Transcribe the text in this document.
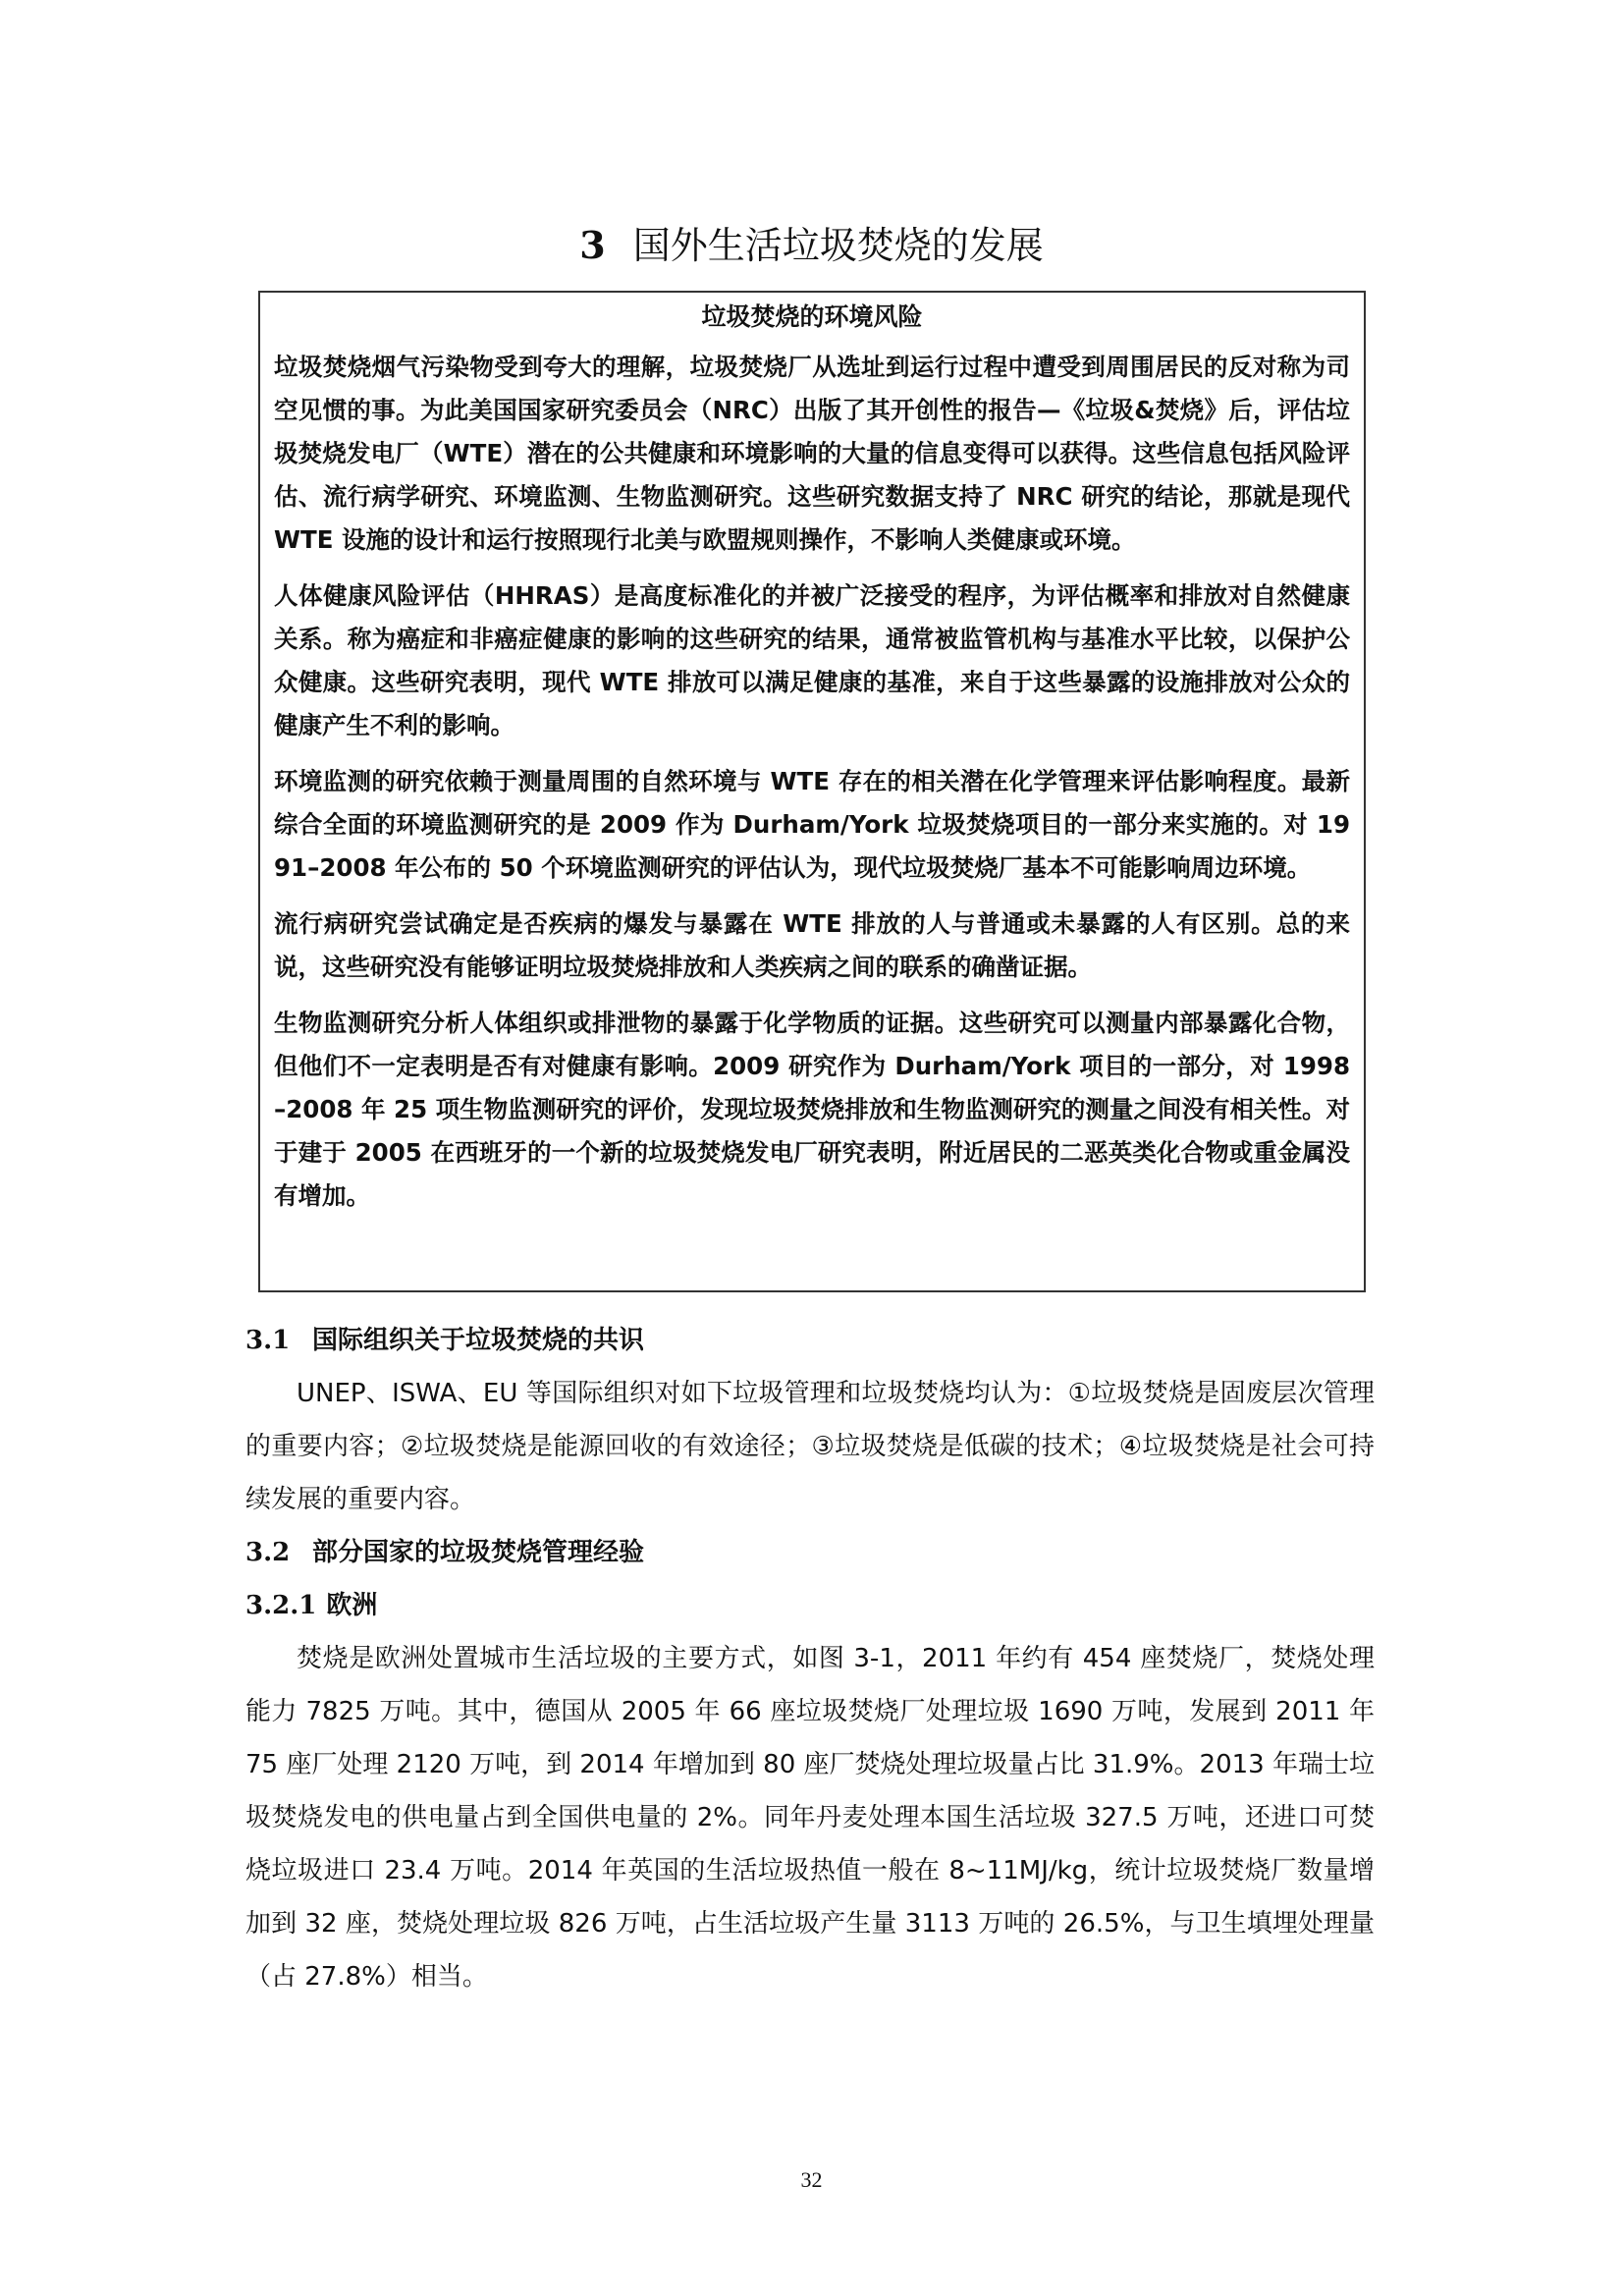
3 国外生活垃圾焚烧的发展
垃圾焚烧的环境风险

垃圾焚烧烟气污染物受到夸大的理解，垃圾焚烧厂从选址到运行过程中遭受到周围居民的反对称为司空见惯的事。为此美国国家研究委员会（NRC）出版了其开创性的报告—《垃圾&焚烧》后，评估垃圾焚烧发电厂（WTE）潜在的公共健康和环境影响的大量的信息变得可以获得。这些信息包括风险评估、流行病学研究、环境监测、生物监测研究。这些研究数据支持了 NRC 研究的结论，那就是现代 WTE 设施的设计和运行按照现行北美与欧盟规则操作，不影响人类健康或环境。

人体健康风险评估（HHRAS）是高度标准化的并被广泛接受的程序，为评估概率和排放对自然健康关系。称为癌症和非癌症健康的影响的这些研究的结果，通常被监管机构与基准水平比较，以保护公众健康。这些研究表明，现代 WTE 排放可以满足健康的基准，来自于这些暴露的设施排放对公众的健康产生不利的影响。

环境监测的研究依赖于测量周围的自然环境与 WTE 存在的相关潜在化学管理来评估影响程度。最新综合全面的环境监测研究的是 2009 作为 Durham/York 垃圾焚烧项目的一部分来实施的。对 1991–2008 年公布的 50 个环境监测研究的评估认为，现代垃圾焚烧厂基本不可能影响周边环境。

流行病研究尝试确定是否疾病的爆发与暴露在 WTE 排放的人与普通或未暴露的人有区别。总的来说，这些研究没有能够证明垃圾焚烧排放和人类疾病之间的联系的确凿证据。

生物监测研究分析人体组织或排泄物的暴露于化学物质的证据。这些研究可以测量内部暴露化合物，但他们不一定表明是否有对健康有影响。2009 研究作为 Durham/York 项目的一部分，对 1998–2008 年 25 项生物监测研究的评价，发现垃圾焚烧排放和生物监测研究的测量之间没有相关性。对于建于 2005 在西班牙的一个新的垃圾焚烧发电厂研究表明，附近居民的二恶英类化合物或重金属没有增加。

3.1 国际组织关于垃圾焚烧的共识

UNEP、ISWA、EU 等国际组织对如下垃圾管理和垃圾焚烧均认为：①垃圾焚烧是固废层次管理的重要内容；②垃圾焚烧是能源回收的有效途径；③垃圾焚烧是低碳的技术；④垃圾焚烧是社会可持续发展的重要内容。

3.2 部分国家的垃圾焚烧管理经验
3.2.1 欧洲

焚烧是欧洲处置城市生活垃圾的主要方式，如图 3-1，2011 年约有 454 座焚烧厂，焚烧处理能力 7825 万吨。其中，德国从 2005 年 66 座垃圾焚烧厂处理垃圾 1690 万吨，发展到 2011 年 75 座厂处理 2120 万吨，到 2014 年增加到 80 座厂焚烧处理垃圾量占比 31.9%。2013 年瑞士垃圾焚烧发电的供电量占到全国供电量的 2%。同年丹麦处理本国生活垃圾 327.5 万吨，还进口可焚烧垃圾进口 23.4 万吨。2014 年英国的生活垃圾热值一般在 8~11MJ/kg，统计垃圾焚烧厂数量增加到 32 座，焚烧处理垃圾 826 万吨，占生活垃圾产生量 3113 万吨的 26.5%，与卫生填埋处理量（占 27.8%）相当。

32
